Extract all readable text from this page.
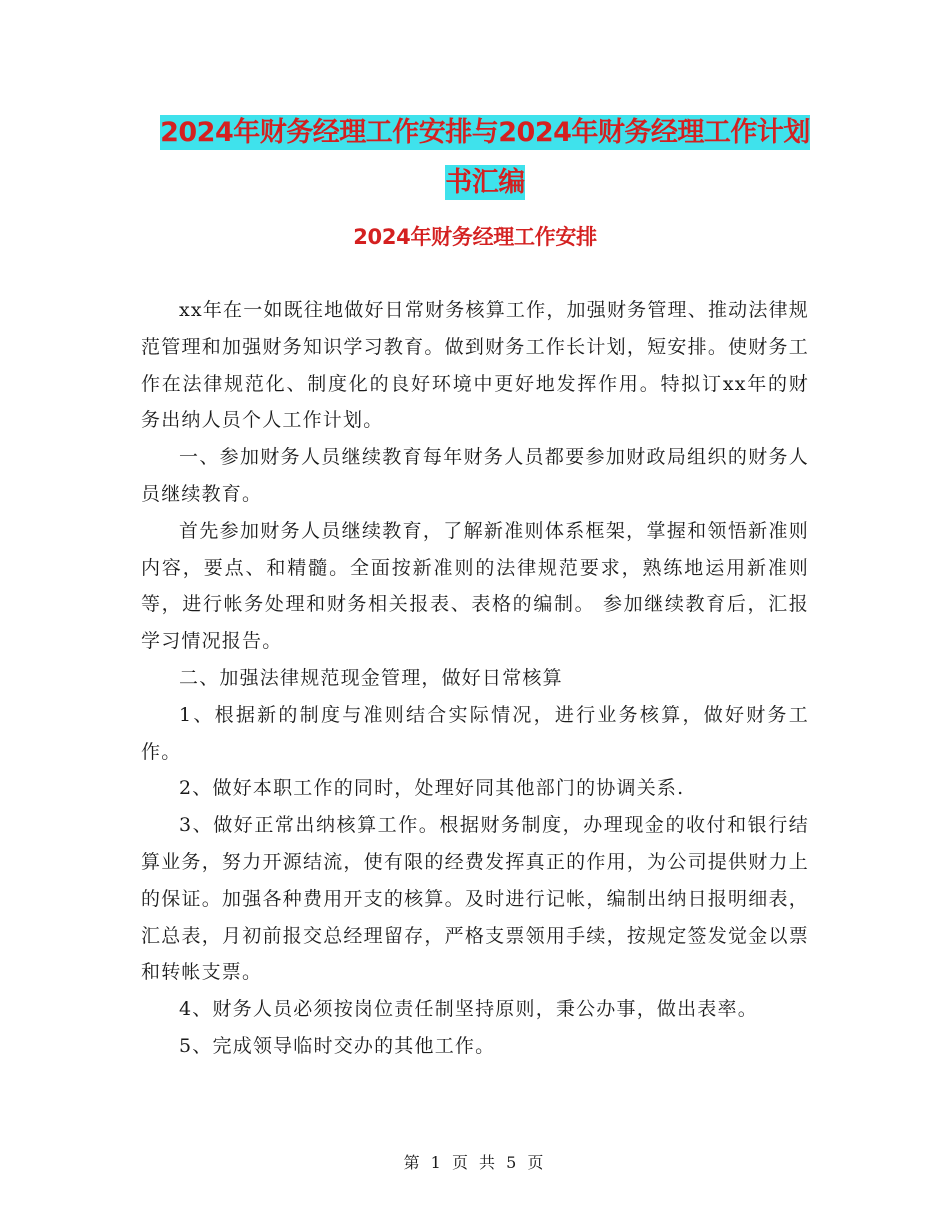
2024年财务经理工作安排与2024年财务经理工作计划
书汇编
2024年财务经理工作安排

xx年在一如既往地做好日常财务核算工作，加强财务管理、推动法律规范管理和加强财务知识学习教育。做到财务工作长计划，短安排。使财务工作在法律规范化、制度化的良好环境中更好地发挥作用。特拟订xx年的财务出纳人员个人工作计划。

一、参加财务人员继续教育每年财务人员都要参加财政局组织的财务人员继续教育。

首先参加财务人员继续教育，了解新准则体系框架，掌握和领悟新准则内容，要点、和精髓。全面按新准则的法律规范要求，熟练地运用新准则等，进行帐务处理和财务相关报表、表格的编制。 参加继续教育后，汇报学习情况报告。

二、加强法律规范现金管理，做好日常核算

1、根据新的制度与准则结合实际情况，进行业务核算，做好财务工作。

2、做好本职工作的同时，处理好同其他部门的协调关系.

3、做好正常出纳核算工作。根据财务制度，办理现金的收付和银行结算业务，努力开源结流，使有限的经费发挥真正的作用，为公司提供财力上的保证。加强各种费用开支的核算。及时进行记帐，编制出纳日报明细表，汇总表，月初前报交总经理留存，严格支票领用手续，按规定签发觉金以票和转帐支票。

4、财务人员必须按岗位责任制坚持原则，秉公办事，做出表率。

5、完成领导临时交办的其他工作。

第 1 页 共 5 页
